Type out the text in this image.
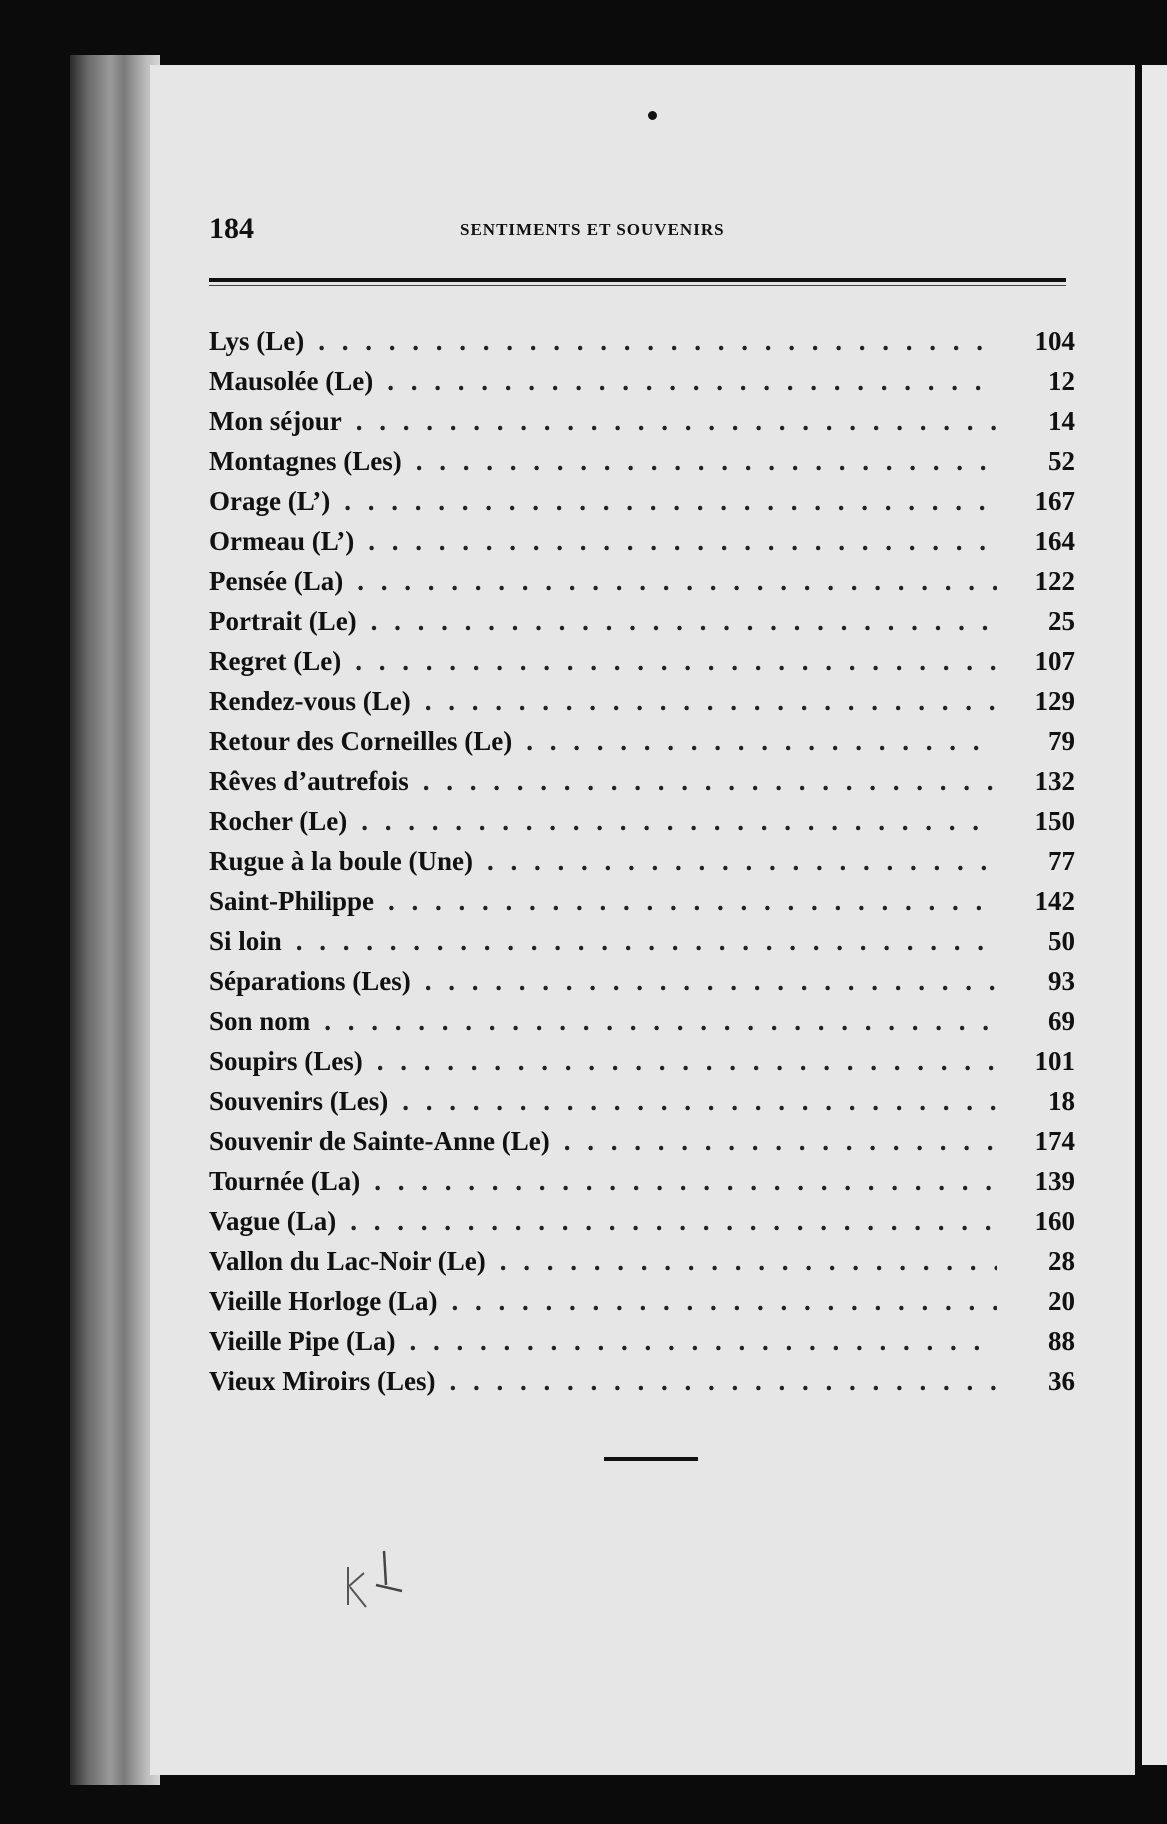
184	SENTIMENTS ET SOUVENIRS
Lys (Le) . . .	104
Mausolée (Le) . . .	12
Mon séjour . . .	14
Montagnes (Les) . . .	52
Orage (L’) . . .	167
Ormeau (L’) . . .	164
Pensée (La) . . .	122
Portrait (Le) . . .	25
Regret (Le) . . .	107
Rendez-vous (Le) . . .	129
Retour des Corneilles (Le) . . .	79
Rêves d’autrefois . . .	132
Rocher (Le) . . .	150
Rugue à la boule (Une) . . .	77
Saint-Philippe . . .	142
Si loin . . .	50
Séparations (Les) . . .	93
Son nom . . .	69
Soupirs (Les) . . .	101
Souvenirs (Les) . . .	18
Souvenir de Sainte-Anne (Le) . . .	174
Tournée (La) . . .	139
Vague (La) . . .	160
Vallon du Lac-Noir (Le) . . .	28
Vieille Horloge (La) . . .	20
Vieille Pipe (La) . . .	88
Vieux Miroirs (Les) . . .	36
